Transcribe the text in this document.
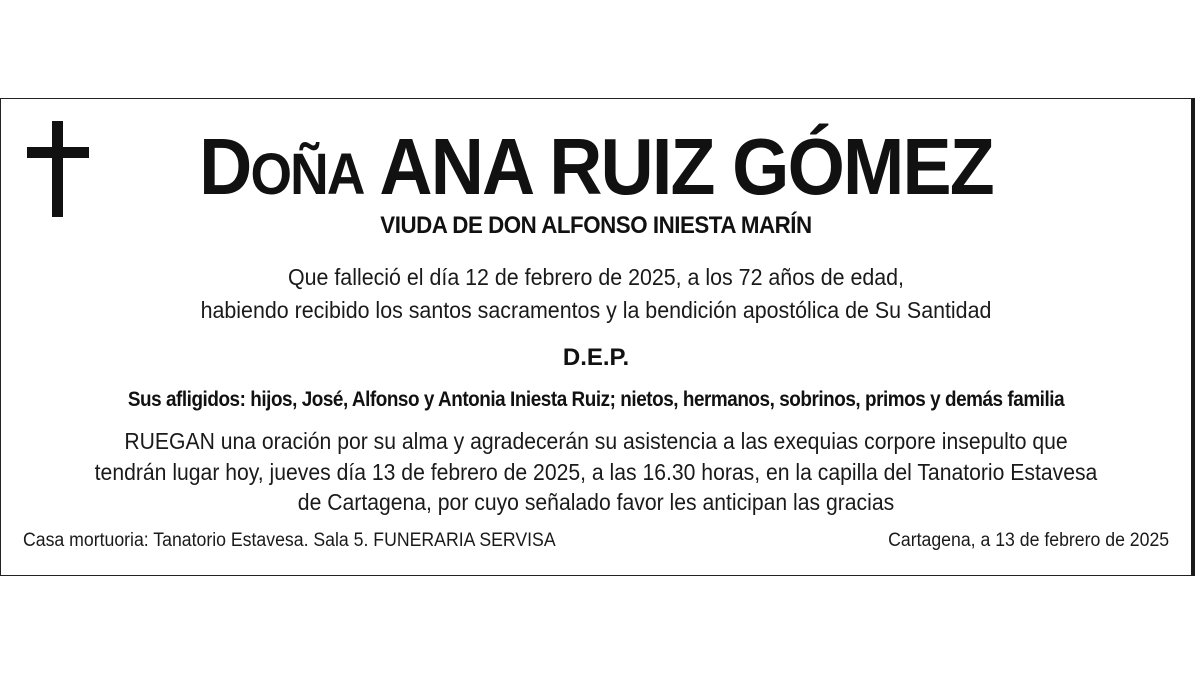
DOÑA ANA RUIZ GÓMEZ
VIUDA DE DON ALFONSO INIESTA MARÍN
Que falleció el día 12 de febrero de 2025, a los 72 años de edad,
habiendo recibido los santos sacramentos y la bendición apostólica de Su Santidad
D.E.P.
Sus afligidos: hijos, José, Alfonso y Antonia Iniesta Ruiz; nietos, hermanos, sobrinos, primos y demás familia
RUEGAN una oración por su alma y agradecerán su asistencia a las exequias corpore insepulto que
tendrán lugar hoy, jueves día 13 de febrero de 2025, a las 16.30 horas, en la capilla del Tanatorio Estavesa
de Cartagena, por cuyo señalado favor les anticipan las gracias
Casa mortuoria: Tanatorio Estavesa. Sala 5. FUNERARIA SERVISA	Cartagena, a 13 de febrero de 2025
